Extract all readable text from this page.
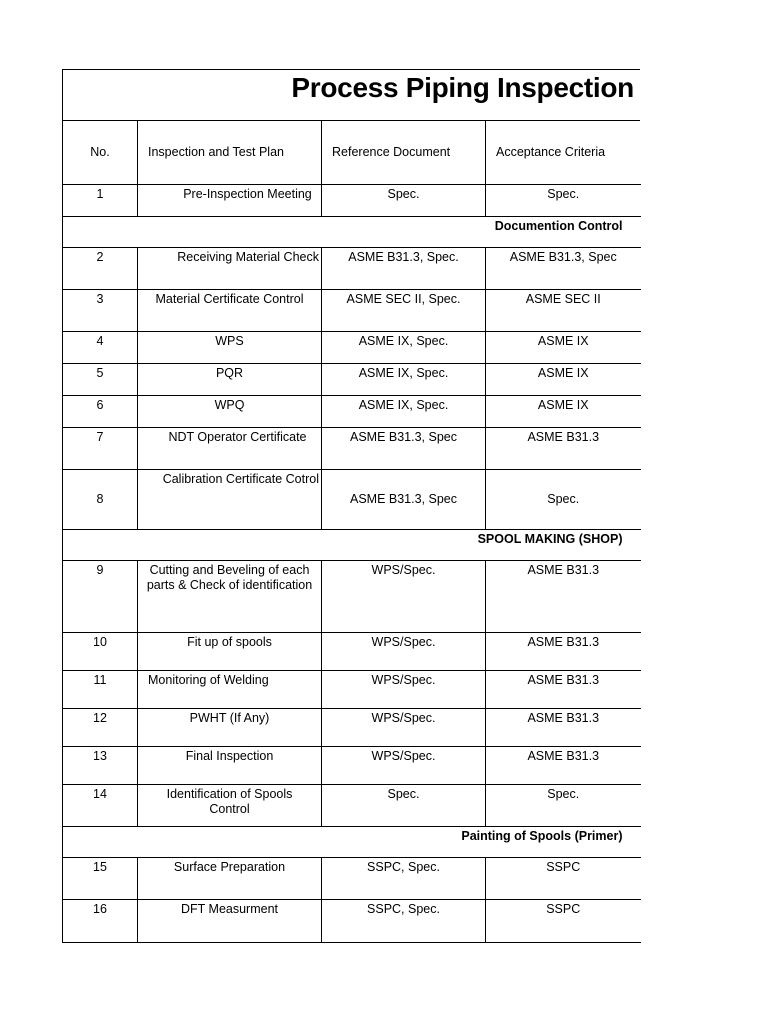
Process Piping Inspection
No.	Inspection and Test Plan	Reference Document	Acceptance Criteria
1	Pre-Inspection Meeting	Spec.	Spec.
Documention Control			
2	Receiving Material Check	ASME B31.3, Spec.	ASME B31.3, Spec
3	Material Certificate Control	ASME SEC II, Spec.	ASME SEC II
4	WPS	ASME IX, Spec.	ASME IX
5	PQR	ASME IX, Spec.	ASME IX
6	WPQ	ASME IX, Spec.	ASME IX
7	NDT Operator Certificate	ASME B31.3, Spec	ASME B31.3
8	Calibration Certificate Cotrol	ASME B31.3, Spec	Spec.
SPOOL MAKING (SHOP)			
9	Cutting and Beveling of each parts & Check of identification	WPS/Spec.	ASME B31.3
10	Fit up of spools	WPS/Spec.	ASME B31.3
11	Monitoring of Welding	WPS/Spec.	ASME B31.3
12	PWHT (If Any)	WPS/Spec.	ASME B31.3
13	Final Inspection	WPS/Spec.	ASME B31.3
14	Identification of Spools Control	Spec.	Spec.
Painting of Spools (Primer)			
15	Surface Preparation	SSPC, Spec.	SSPC
16	DFT Measurment	SSPC, Spec.	SSPC
